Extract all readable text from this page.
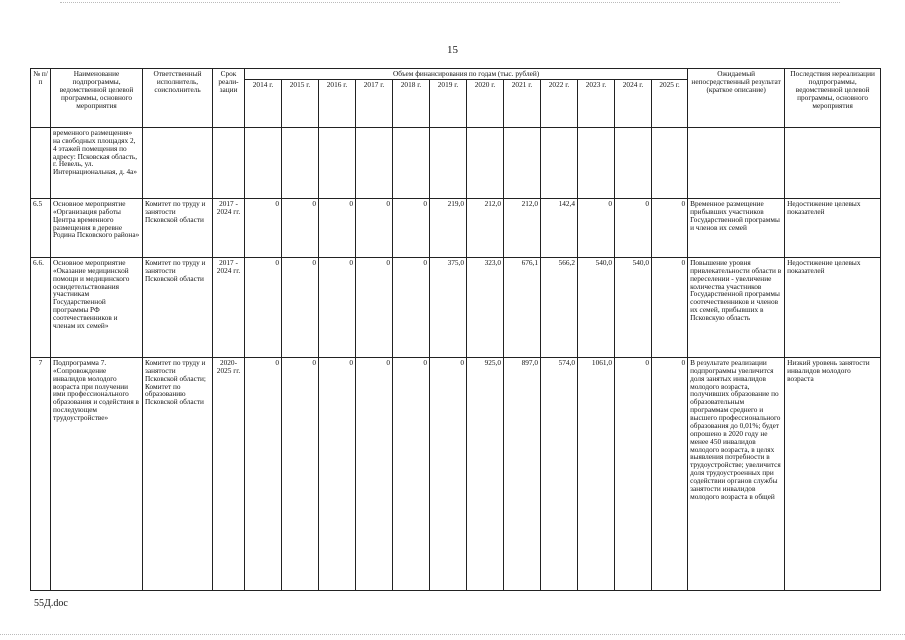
15
№ п/п	Наименование подпрограммы, ведомственной целевой программы, основного мероприятия	Ответственный исполнитель, соисполнитель	Срок реали-зации	Объем финансирования по годам (тыс. рублей)												Ожидаемый непосредственный результат (краткое описание)	Последствия нереализации подпрограммы, ведомственной целевой программы, основного мероприятия
				2014 г.	2015 г.	2016 г.	2017 г.	2018 г.	2019 г.	2020 г.	2021 г.	2022 г.	2023 г.	2024 г.	2025 г.		
	временного размещения» на свободных площадях 2, 4 этажей помещения по адресу: Псковская область, г. Невель, ул. Интернациональная, д. 4а»																
6.5	Основное мероприятие «Организация работы Центра временного размещения в деревне Родина Псковского района»	Комитет по труду и занятости Псковской области	2017 - 2024 гг.	0	0	0	0	0	219,0	212,0	212,0	142,4	0	0	0	Временное размещение прибывших участников Государственной программы и членов их семей	Недостижение целевых показателей
6.6.	Основное мероприятие «Оказание медицинской помощи и медицинского освидетельствования участникам Государственной программы РФ соотечественников и членам их семей»	Комитет по труду и занятости Псковской области	2017 - 2024 гг.	0	0	0	0	0	375,0	323,0	676,1	566,2	540,0	540,0	0	Повышение уровня привлекательности области в переселении - увеличение количества участников Государственной программы соотечественников и членов их семей, прибывших в Псковскую область	Недостижение целевых показателей
7	Подпрограмма 7. «Сопровождение инвалидов молодого возраста при получении ими профессионального образования и содействия в последующем трудоустройстве»	Комитет по труду и занятости Псковской области; Комитет по образованию Псковской области	2020-2025 гг.	0	0	0	0	0	0	925,0	897,0	574,0	1061,0	0	0	В результате реализации подпрограммы увеличится доля занятых инвалидов молодого возраста, получивших образование по образовательным программам среднего и высшего профессионального образования до 0,01%; будет опрошено в 2020 году не менее 450 инвалидов молодого возраста, в целях выявления потребности в трудоустройстве; увеличится доля трудоустроенных при содействии органов службы занятости инвалидов молодого возраста в общей	Низкий уровень занятости инвалидов молодого возраста
55Д.doc
